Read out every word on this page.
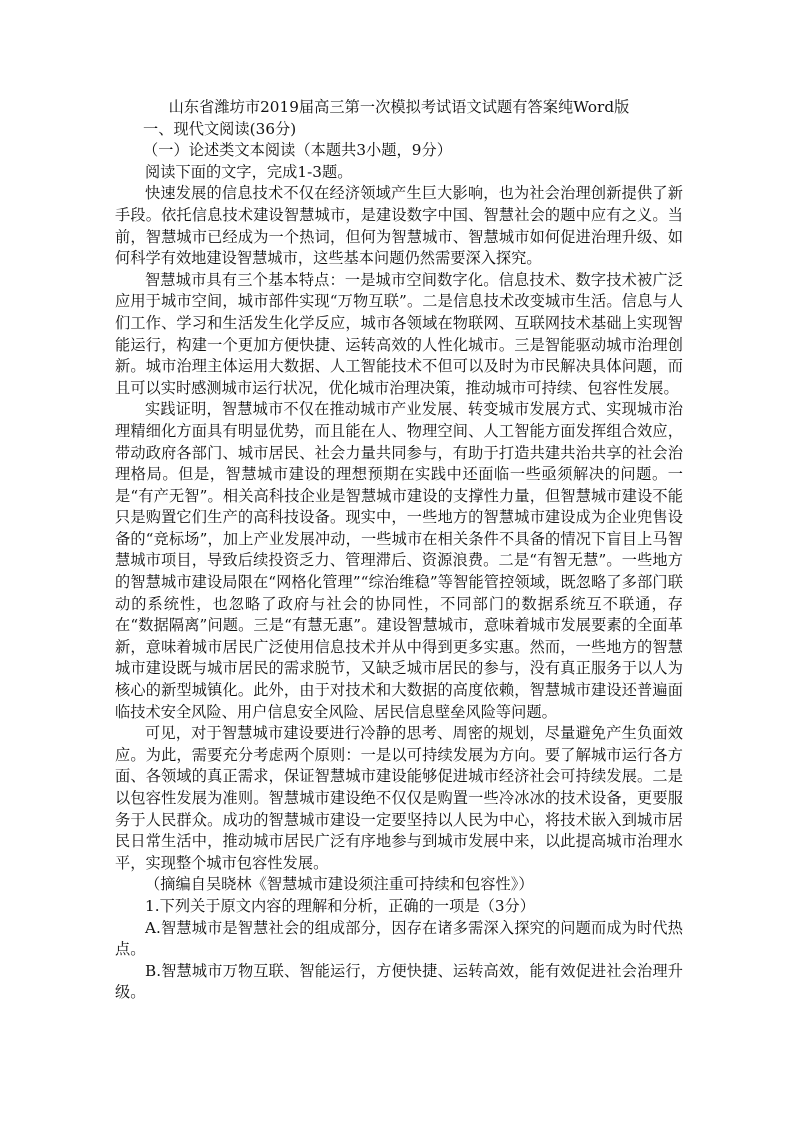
山东省潍坊市2019届高三第一次模拟考试语文试题有答案纯Word版
一、现代文阅读(36分)
（一）论述类文本阅读（本题共3小题，9分）

阅读下面的文字，完成1-3题。

快速发展的信息技术不仅在经济领域产生巨大影响，也为社会治理创新提供了新手段。依托信息技术建设智慧城市，是建设数字中国、智慧社会的题中应有之义。当前，智慧城市已经成为一个热词，但何为智慧城市、智慧城市如何促进治理升级、如何科学有效地建设智慧城市，这些基本问题仍然需要深入探究。

智慧城市具有三个基本特点：一是城市空间数字化。信息技术、数字技术被广泛应用于城市空间，城市部件实现“万物互联”。二是信息技术改变城市生活。信息与人们工作、学习和生活发生化学反应，城市各领域在物联网、互联网技术基础上实现智能运行，构建一个更加方便快捷、运转高效的人性化城市。三是智能驱动城市治理创新。城市治理主体运用大数据、人工智能技术不但可以及时为市民解决具体问题，而且可以实时感测城市运行状况，优化城市治理决策，推动城市可持续、包容性发展。

实践证明，智慧城市不仅在推动城市产业发展、转变城市发展方式、实现城市治理精细化方面具有明显优势，而且能在人、物理空间、人工智能方面发挥组合效应，带动政府各部门、城市居民、社会力量共同参与，有助于打造共建共治共享的社会治理格局。但是，智慧城市建设的理想预期在实践中还面临一些亟须解决的问题。一是“有产无智”。相关高科技企业是智慧城市建设的支撑性力量，但智慧城市建设不能只是购置它们生产的高科技设备。现实中，一些地方的智慧城市建设成为企业兜售设备的“竞标场”，加上产业发展冲动，一些城市在相关条件不具备的情况下盲目上马智慧城市项目，导致后续投资乏力、管理滞后、资源浪费。二是“有智无慧”。一些地方的智慧城市建设局限在“网格化管理”“综治维稳”等智能管控领域，既忽略了多部门联动的系统性，也忽略了政府与社会的协同性，不同部门的数据系统互不联通，存在“数据隔离”问题。三是“有慧无惠”。建设智慧城市，意味着城市发展要素的全面革新，意味着城市居民广泛使用信息技术并从中得到更多实惠。然而，一些地方的智慧城市建设既与城市居民的需求脱节，又缺乏城市居民的参与，没有真正服务于以人为核心的新型城镇化。此外，由于对技术和大数据的高度依赖，智慧城市建设还普遍面临技术安全风险、用户信息安全风险、居民信息壁垒风险等问题。

可见，对于智慧城市建设要进行冷静的思考、周密的规划，尽量避免产生负面效应。为此，需要充分考虑两个原则：一是以可持续发展为方向。要了解城市运行各方面、各领域的真正需求，保证智慧城市建设能够促进城市经济社会可持续发展。二是以包容性发展为准则。智慧城市建设绝不仅仅是购置一些冷冰冰的技术设备，更要服务于人民群众。成功的智慧城市建设一定要坚持以人民为中心，将技术嵌入到城市居民日常生活中，推动城市居民广泛有序地参与到城市发展中来，以此提高城市治理水平，实现整个城市包容性发展。

（摘编自吴晓林《智慧城市建设须注重可持续和包容性》）

1.下列关于原文内容的理解和分析，正确的一项是（3分）

A.智慧城市是智慧社会的组成部分，因存在诸多需深入探究的问题而成为时代热点。

B.智慧城市万物互联、智能运行，方便快捷、运转高效，能有效促进社会治理升级。
